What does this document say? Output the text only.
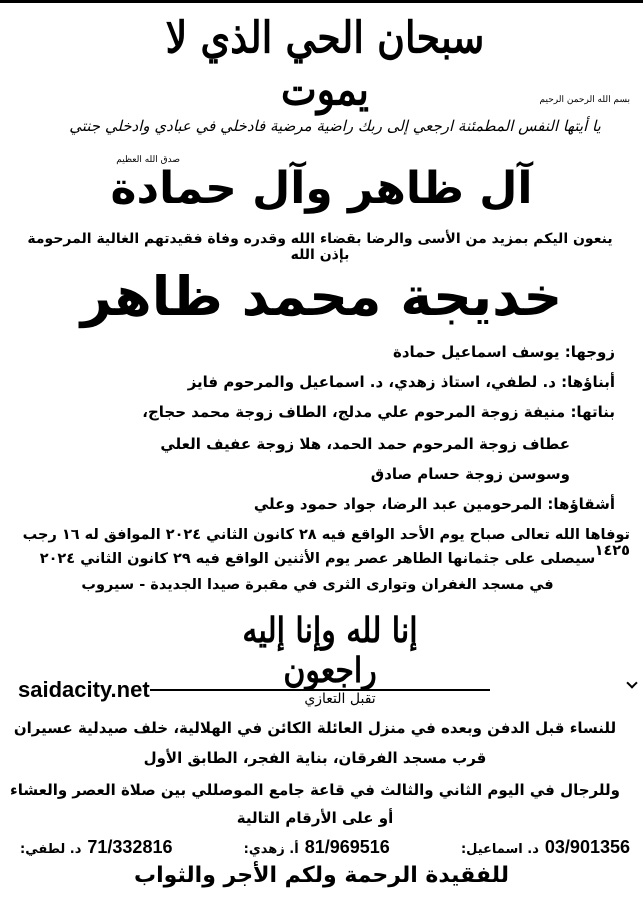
سبحان الحي الذي لا يموت	بسم الله الرحمن الرحيم
يا أيتها النفس المطمئنة ارجعي إلى ربك راضية مرضية فادخلي في عبادي وادخلي جنتي
صدق الله العظيم
آل ظاهر وآل حمادة
ينعون اليكم بمزيد من الأسى والرضا بقضاء الله وقدره وفاة فقيدتهم الغالية المرحومة بإذن الله
خديجة محمد ظاهر
زوجها: يوسف اسماعيل حمادة
أبناؤها: د. لطفي، استاذ زهدي، د. اسماعيل والمرحوم فايز
بناتها: منيفة زوجة المرحوم علي مدلج، الطاف زوجة محمد حجاج،
عطاف زوجة المرحوم حمد الحمد، هلا زوجة عفيف العلي
وسوسن زوجة حسام صادق
أشقاؤها: المرحومين عبد الرضا، جواد حمود وعلي
توفاها الله تعالى صباح يوم الأحد الواقع فيه ٢٨ كانون الثاني ٢٠٢٤ الموافق له ١٦ رجب ١٤٢٥
سيصلى على جثمانها الطاهر عصر يوم الأثنين الواقع فيه ٢٩ كانون الثاني ٢٠٢٤
في مسجد الغفران وتوارى الثرى في مقبرة صيدا الجديدة - سيروب
إنا لله وإنا إليه راجعون
saidacity.net	تقبل التعازي
للنساء قبل الدفن وبعده في منزل العائلة الكائن في الهلالية، خلف صيدلية عسيران
قرب مسجد الفرقان، بناية الفجر، الطابق الأول
وللرجال في اليوم الثاني والثالث في قاعة جامع الموصللي بين صلاة العصر والعشاء
أو على الأرقام التالية
د. لطفي: 71/332816	أ. زهدي: 81/969516	د. اسماعيل: 03/901356
للفقيدة الرحمة ولكم الأجر والثواب
